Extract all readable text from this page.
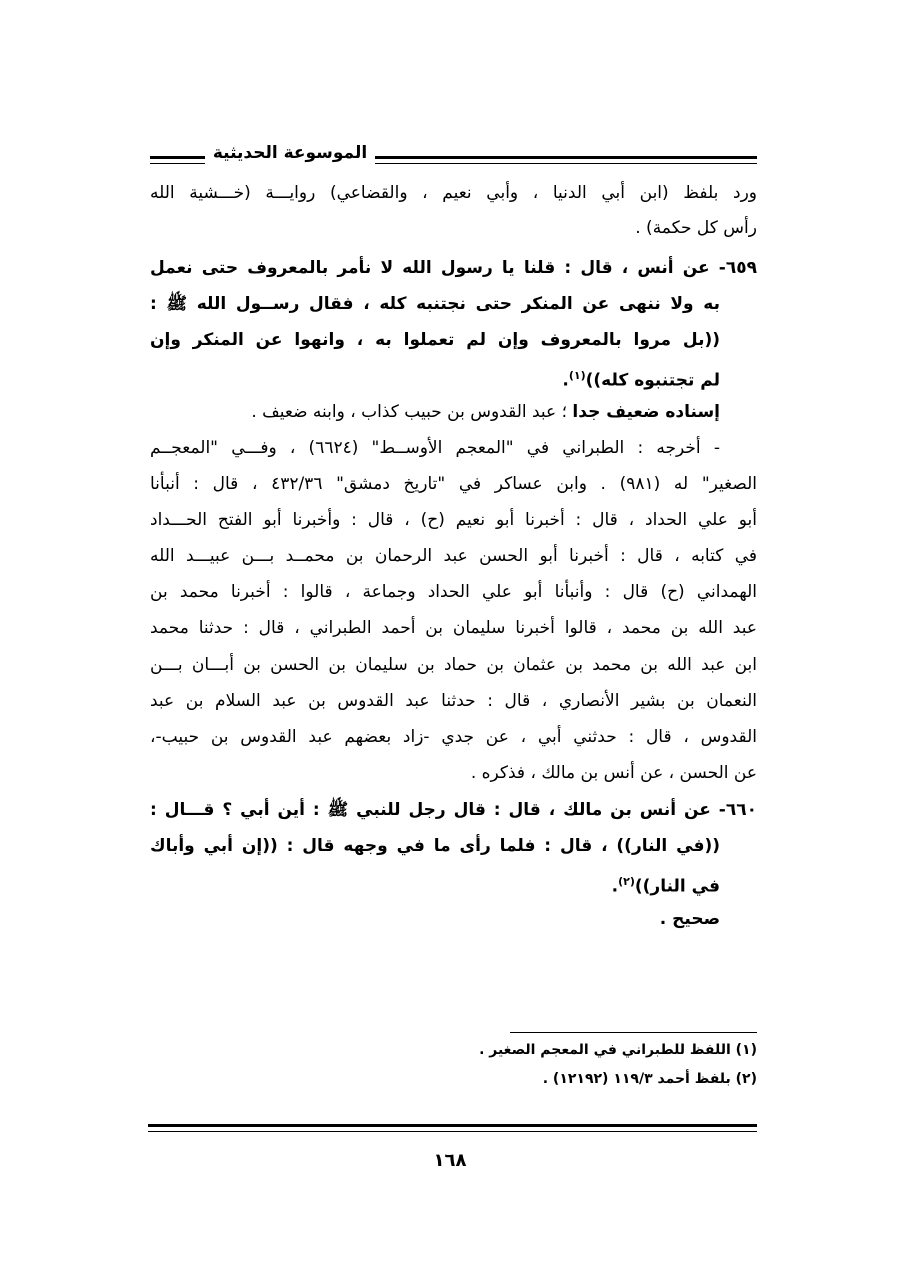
الموسوعة الحديثية
ورد بلفظ (ابن أبي الدنيا ، وأبي نعيم ، والقضاعي) روايـــة (خـــشية الله
رأس كل حكمة) .
٦٥٩- عن أنس ، قال : قلنا يا رسول الله لا نأمر بالمعروف حتى نعمل
به ولا ننهى عن المنكر حتى نجتنبه كله ، فقال رســول الله ﷺ :
((بل مروا بالمعروف وإن لم تعملوا به ، وانهوا عن المنكر وإن
لم تجتنبوه كله))$^{(١)}$.
إسناده ضعيف جدا ؛ عبد القدوس بن حبيب كذاب ، وابنه ضعيف .
- أخرجه : الطبراني في "المعجم الأوســط" (٦٦٢٤) ، وفـــي "المعجــم
الصغير" له (٩٨١) . وابن عساكر في "تاريخ دمشق" ٤٣٢/٣٦ ، قال : أنبأنا
أبو علي الحداد ، قال : أخبرنا أبو نعيم (ح) ، قال : وأخبرنا أبو الفتح الحـــداد
في كتابه ، قال : أخبرنا أبو الحسن عبد الرحمان بن محمــد بـــن عبيـــد الله
الهمداني (ح) قال : وأنبأنا أبو علي الحداد وجماعة ، قالوا : أخبرنا محمد بن
عبد الله بن محمد ، قالوا أخبرنا سليمان بن أحمد الطبراني ، قال : حدثنا محمد
ابن عبد الله بن محمد بن عثمان بن حماد بن سليمان بن الحسن بن أبـــان بـــن
النعمان بن بشير الأنصاري ، قال : حدثنا عبد القدوس بن عبد السلام بن عبد
القدوس ، قال : حدثني أبي ، عن جدي -زاد بعضهم عبد القدوس بن حبيب-،
عن الحسن ، عن أنس بن مالك ، فذكره .
٦٦٠- عن أنس بن مالك ، قال : قال رجل للنبي ﷺ : أين أبي ؟ قـــال :
((في النار)) ، قال : فلما رأى ما في وجهه قال : ((إن أبي وأباك
في النار))$^{(٢)}$.
صحيح .
(١) اللفظ للطبراني في المعجم الصغير .
(٢) بلفظ أحمد ١١٩/٣ (١٢١٩٢) .
١٦٨
